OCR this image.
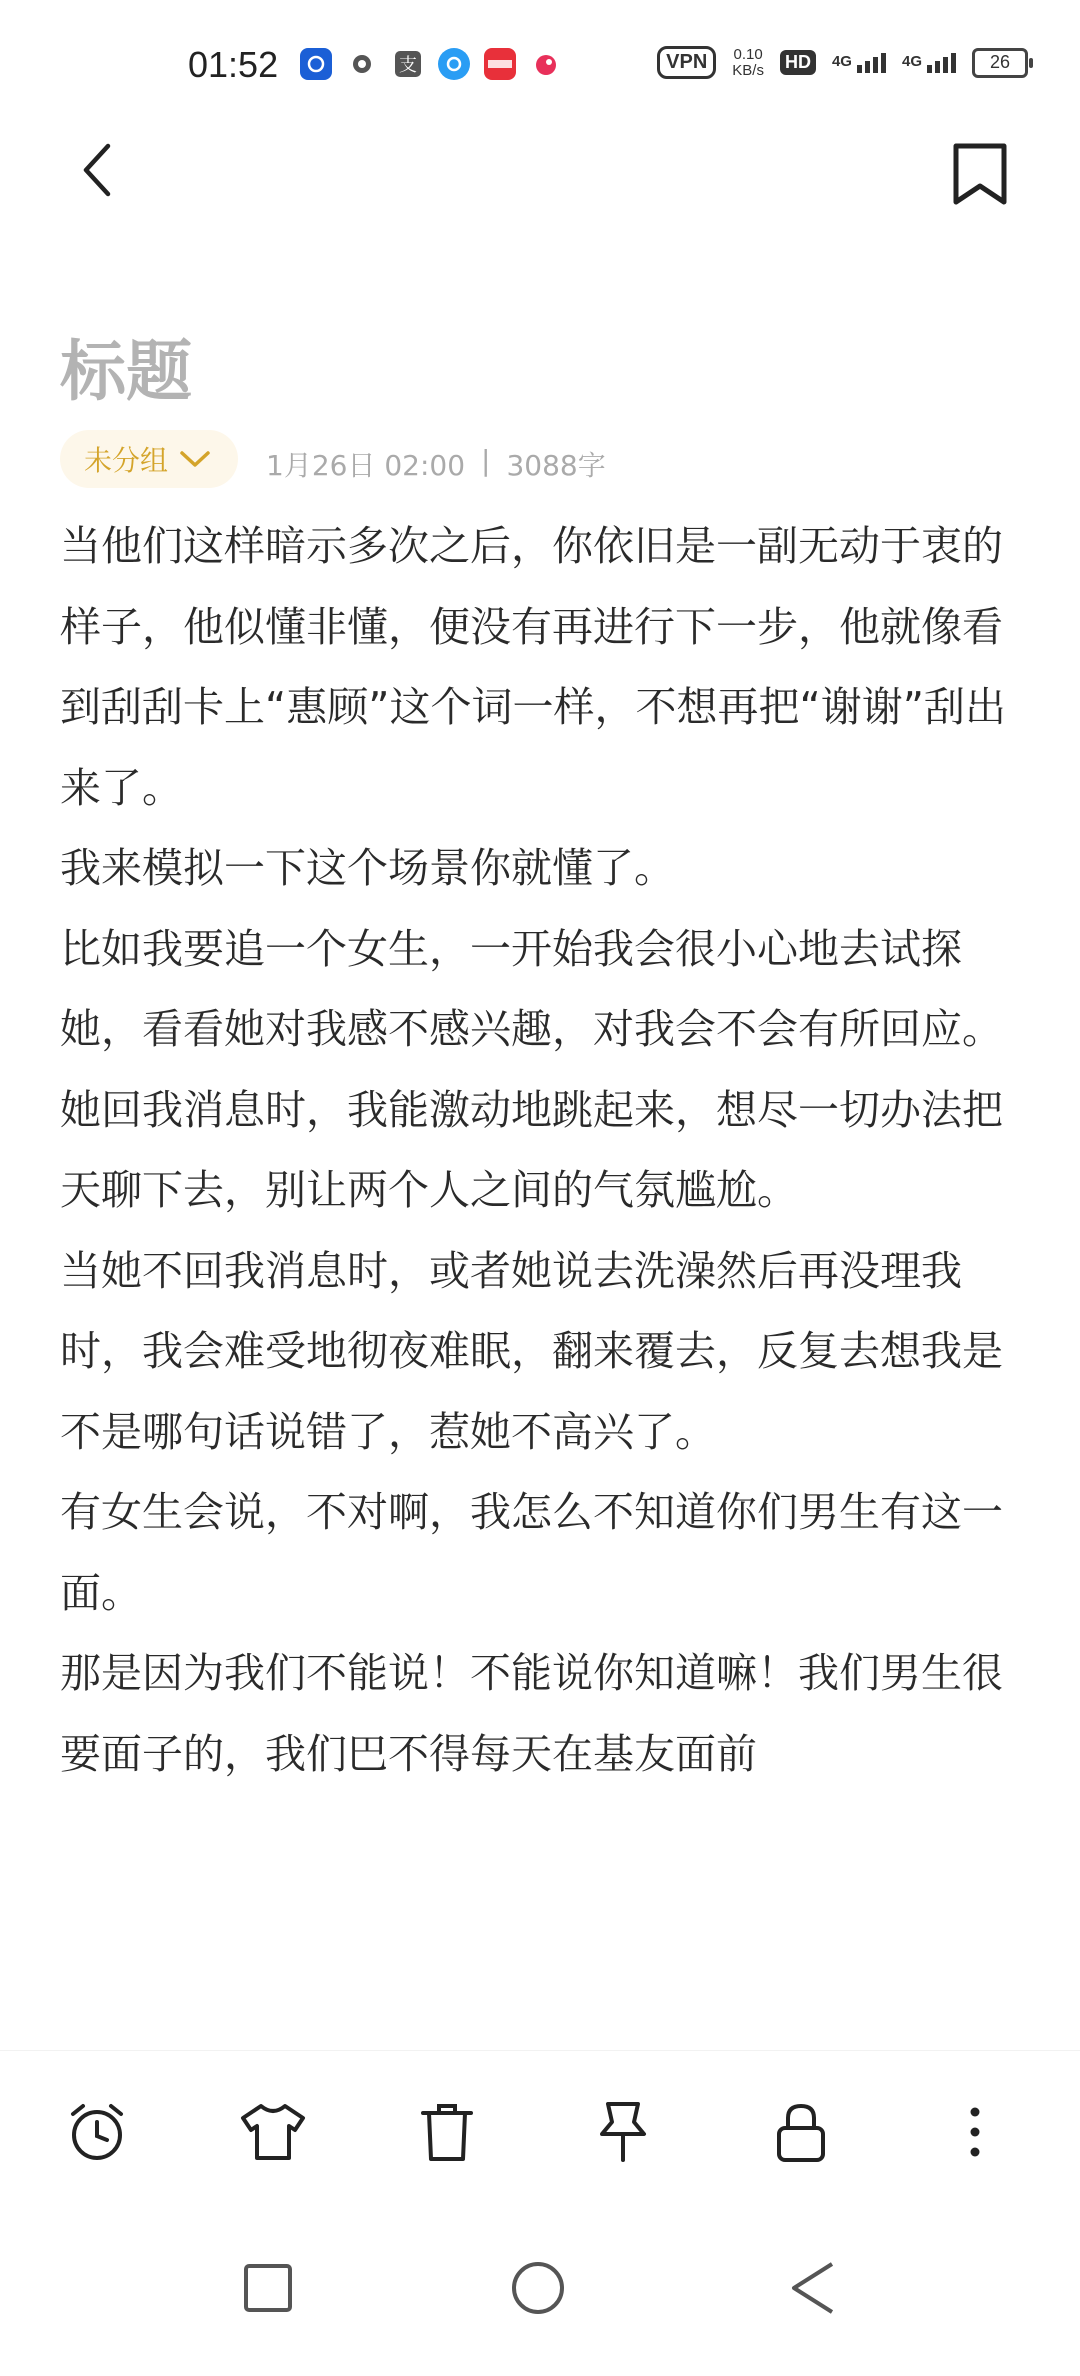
01:52	支	VPN	0.10
KB/s HD	4G	4G	26
标题
未分组	1月26日 02:00 | 3088字

当他们这样暗示多次之后，你依旧是一副无动于衷的样子，他似懂非懂，便没有再进行下一步，他就像看到刮刮卡上“惠顾”这个词一样，不想再把“谢谢”刮出来了。

我来模拟一下这个场景你就懂了。

比如我要追一个女生，一开始我会很小心地去试探她，看看她对我感不感兴趣，对我会不会有所回应。

她回我消息时，我能激动地跳起来，想尽一切办法把天聊下去，别让两个人之间的气氛尴尬。

当她不回我消息时，或者她说去洗澡然后再没理我时，我会难受地彻夜难眠，翻来覆去，反复去想我是不是哪句话说错了，惹她不高兴了。

有女生会说，不对啊，我怎么不知道你们男生有这一面。

那是因为我们不能说！不能说你知道嘛！我们男生很要面子的，我们巴不得每天在基友面前
